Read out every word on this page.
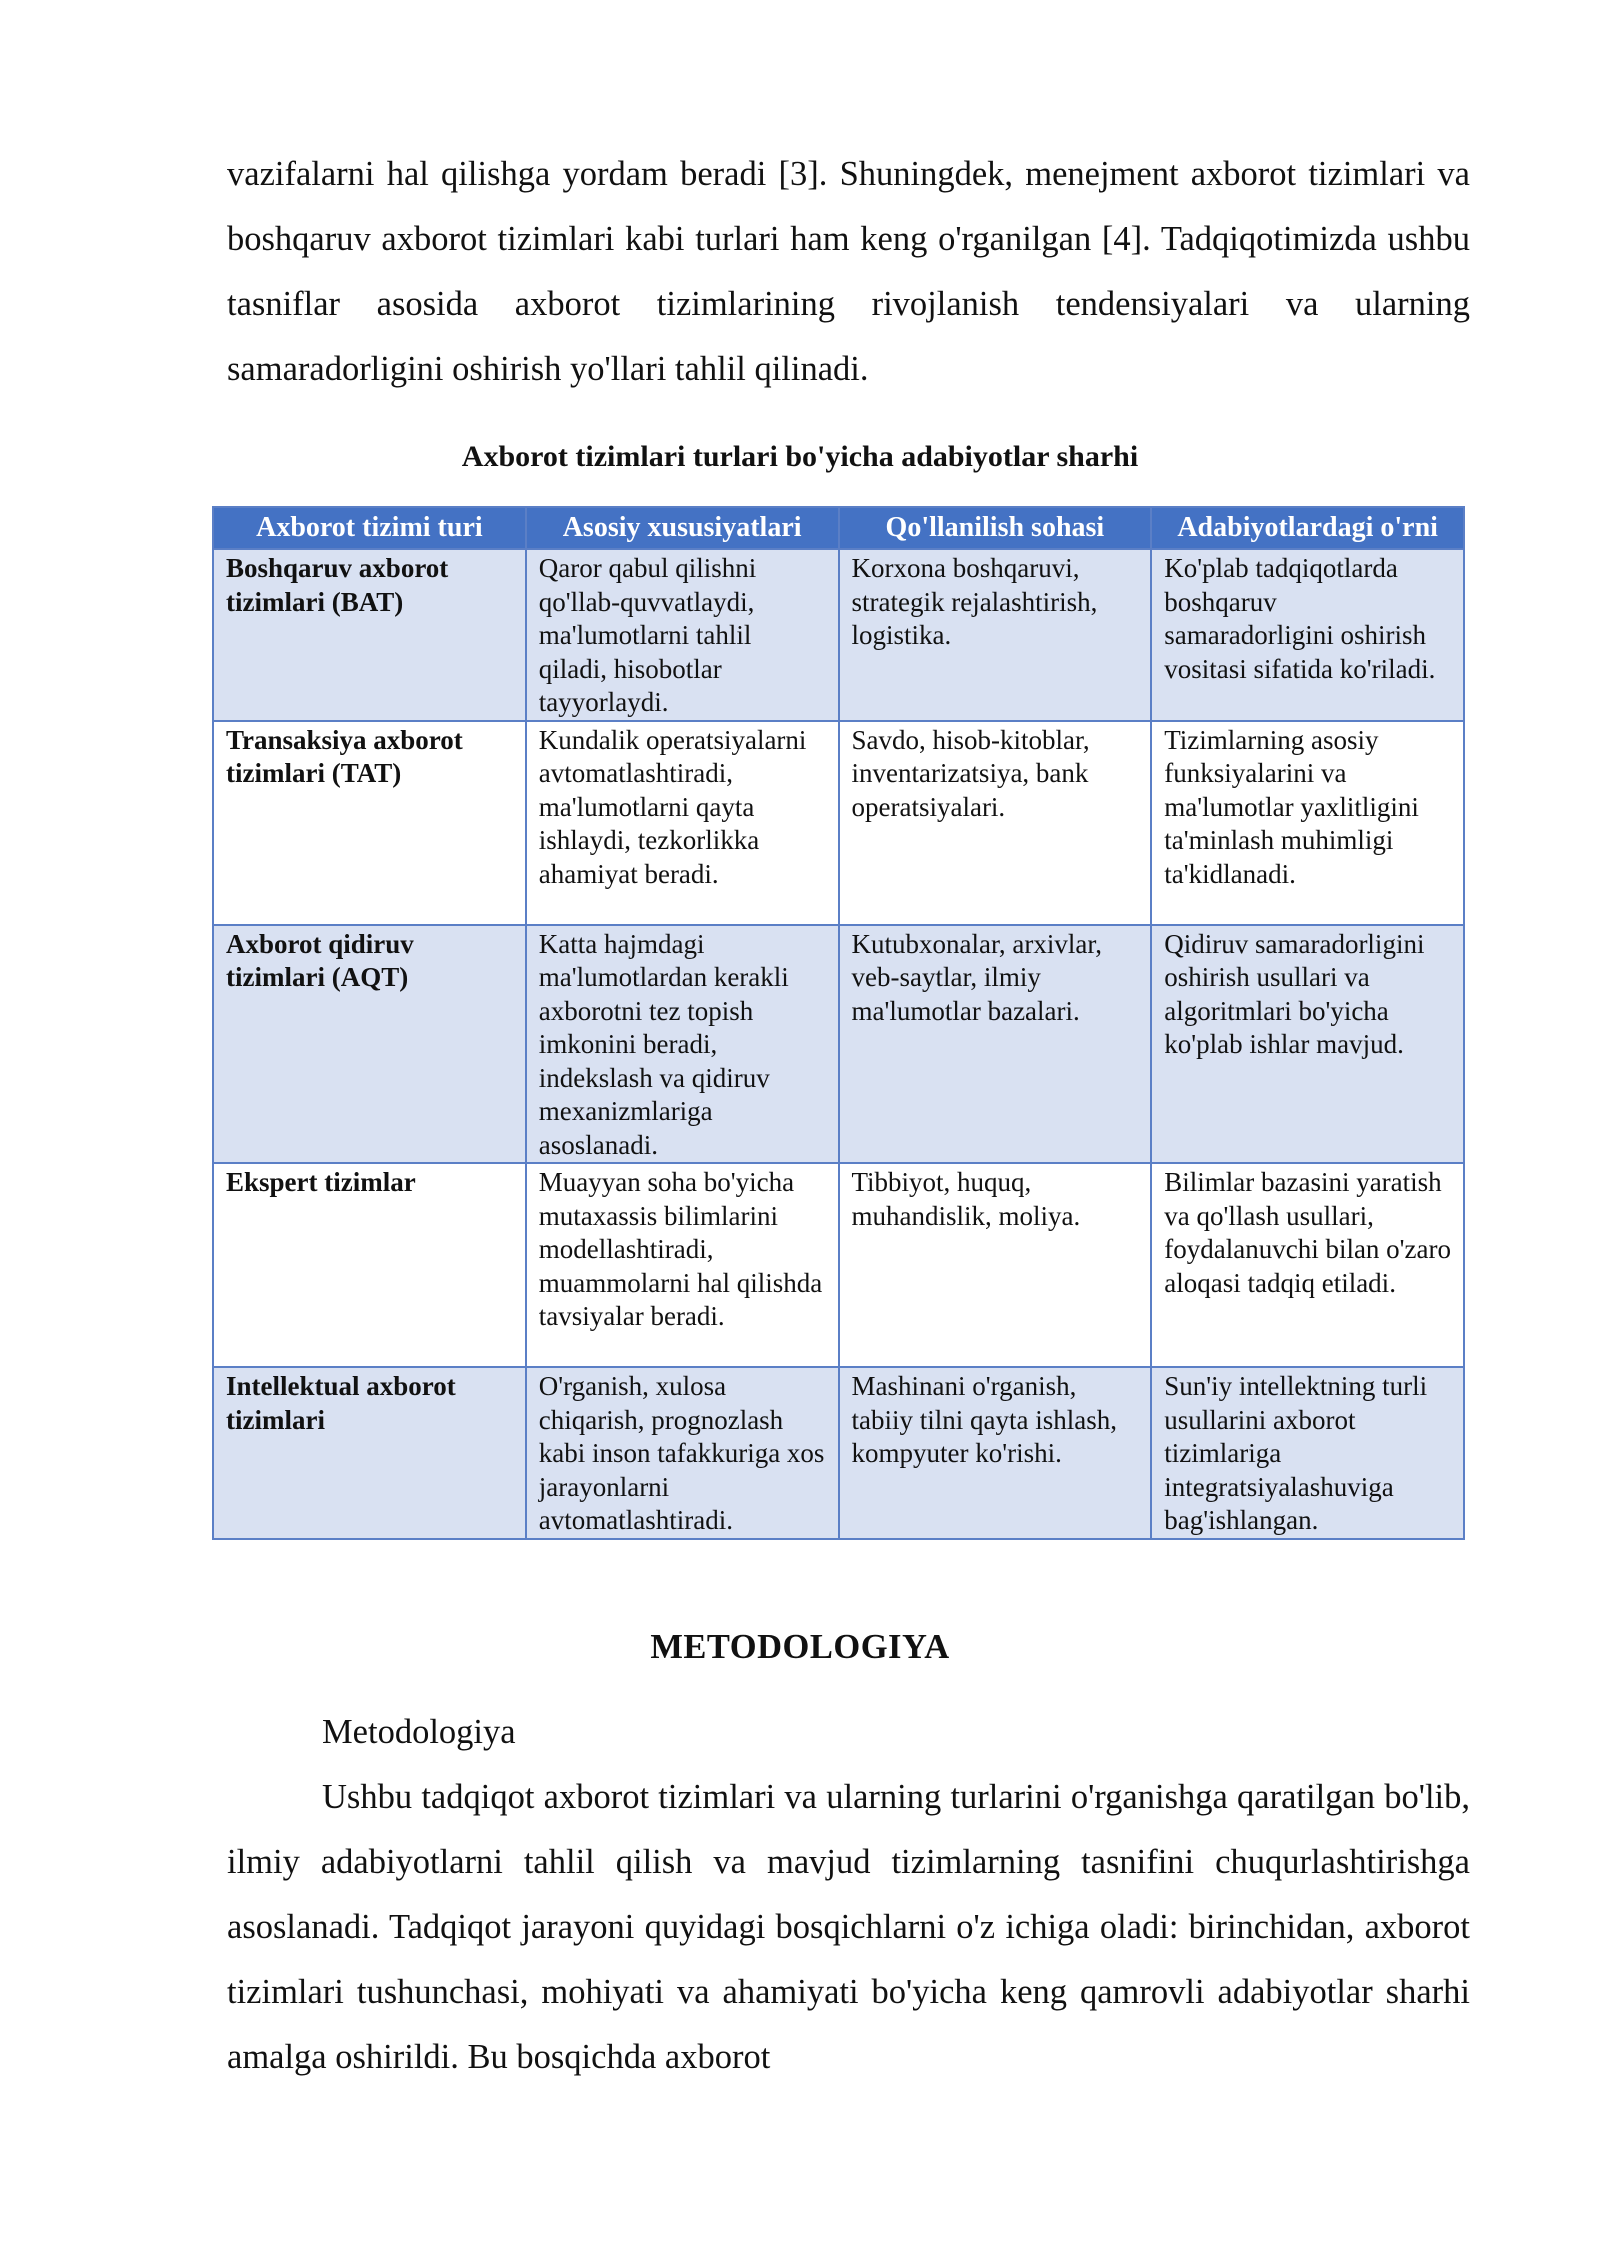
vazifalarni hal qilishga yordam beradi [3]. Shuningdek, menejment axborot tizimlari va boshqaruv axborot tizimlari kabi turlari ham keng o'rganilgan [4]. Tadqiqotimizda ushbu tasniflar asosida axborot tizimlarining rivojlanish tendensiyalari va ularning samaradorligini oshirish yo'llari tahlil qilinadi.

Axborot tizimlari turlari bo'yicha adabiyotlar sharhi

Axborot tizimi turi	Asosiy xususiyatlari	Qo'llanilish sohasi	Adabiyotlardagi o'rni
Boshqaruv axborot tizimlari (BAT)	Qaror qabul qilishni qo'llab-quvvatlaydi, ma'lumotlarni tahlil qiladi, hisobotlar tayyorlaydi.	Korxona boshqaruvi, strategik rejalashtirish, logistika.	Ko'plab tadqiqotlarda boshqaruv samaradorligini oshirish vositasi sifatida ko'riladi.
Transaksiya axborot tizimlari (TAT)	Kundalik operatsiyalarni avtomatlashtiradi, ma'lumotlarni qayta ishlaydi, tezkorlikka ahamiyat beradi.	Savdo, hisob-kitoblar, inventarizatsiya, bank operatsiyalari.	Tizimlarning asosiy funksiyalarini va ma'lumotlar yaxlitligini ta'minlash muhimligi ta'kidlanadi.
Axborot qidiruv tizimlari (AQT)	Katta hajmdagi ma'lumotlardan kerakli axborotni tez topish imkonini beradi, indekslash va qidiruv mexanizmlariga asoslanadi.	Kutubxonalar, arxivlar, veb-saytlar, ilmiy ma'lumotlar bazalari.	Qidiruv samaradorligini oshirish usullari va algoritmlari bo'yicha ko'plab ishlar mavjud.
Ekspert tizimlar	Muayyan soha bo'yicha mutaxassis bilimlarini modellashtiradi, muammolarni hal qilishda tavsiyalar beradi.	Tibbiyot, huquq, muhandislik, moliya.	Bilimlar bazasini yaratish va qo'llash usullari, foydalanuvchi bilan o'zaro aloqasi tadqiq etiladi.
Intellektual axborot tizimlari	O'rganish, xulosa chiqarish, prognozlash kabi inson tafakkuriga xos jarayonlarni avtomatlashtiradi.	Mashinani o'rganish, tabiiy tilni qayta ishlash, kompyuter ko'rishi.	Sun'iy intellektning turli usullarini axborot tizimlariga integratsiyalashuviga bag'ishlangan.

METODOLOGIYA

Metodologiya

Ushbu tadqiqot axborot tizimlari va ularning turlarini o'rganishga qaratilgan bo'lib, ilmiy adabiyotlarni tahlil qilish va mavjud tizimlarning tasnifini chuqurlashtirishga asoslanadi. Tadqiqot jarayoni quyidagi bosqichlarni o'z ichiga oladi: birinchidan, axborot tizimlari tushunchasi, mohiyati va ahamiyati bo'yicha keng qamrovli adabiyotlar sharhi amalga oshirildi. Bu bosqichda axborot
